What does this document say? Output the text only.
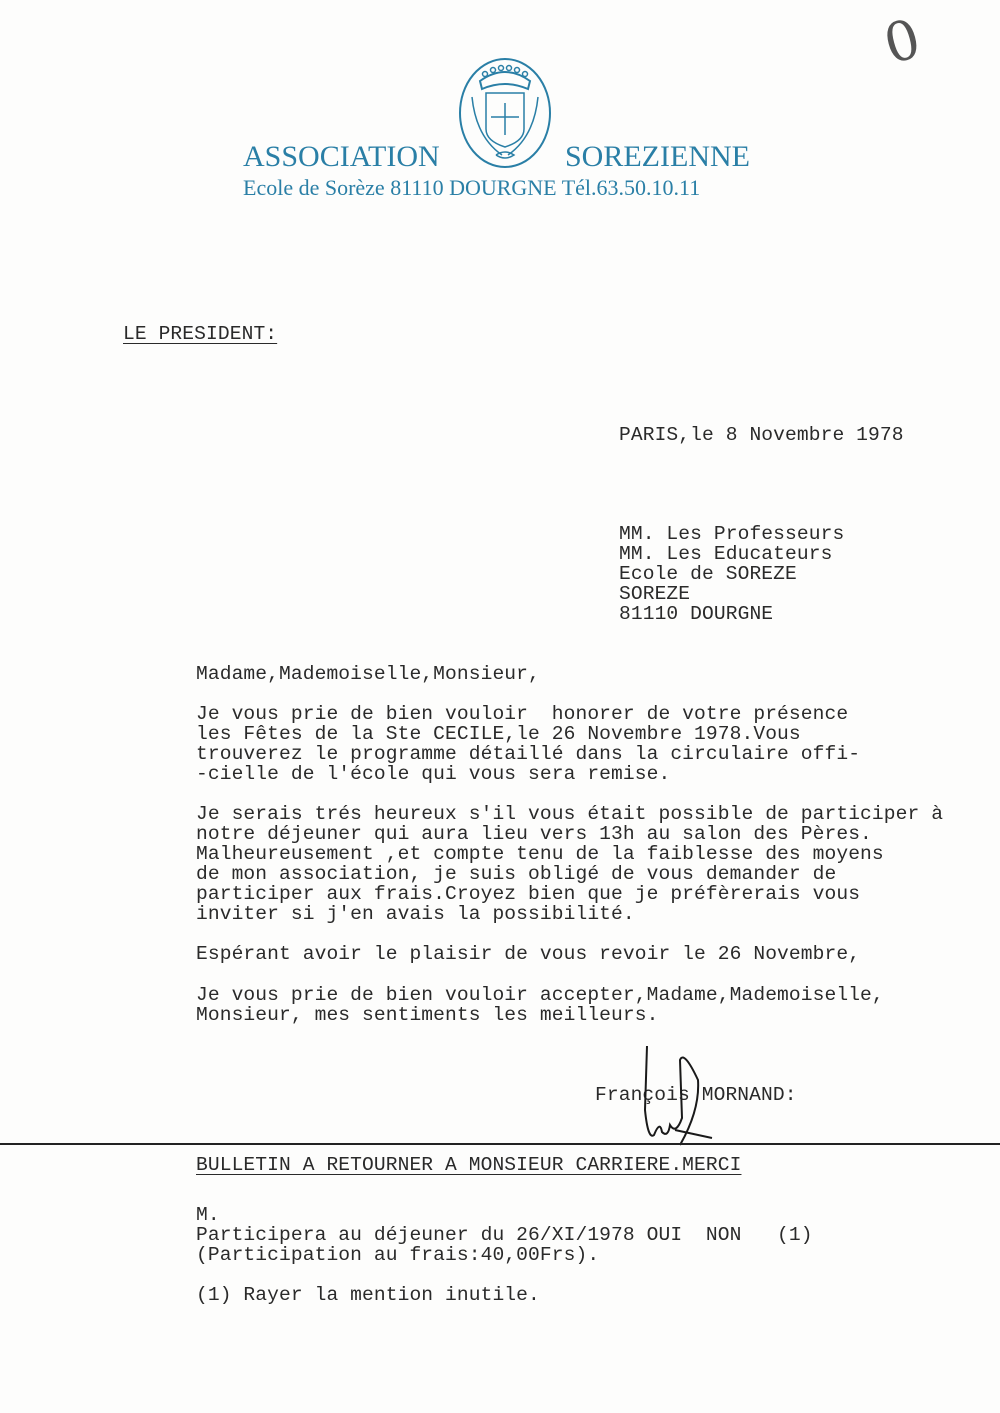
ASSOCIATION	SOREZIENNE
Ecole de Sorèze 81110 DOURGNE Tél.63.50.10.11
0
LE PRESIDENT:
PARIS,le 8 Novembre 1978
MM. Les Professeurs
MM. Les Educateurs
Ecole de SOREZE
SOREZE
81110 DOURGNE
Madame,Mademoiselle,Monsieur,
Je vous prie de bien vouloir  honorer de votre présence
les Fêtes de la Ste CECILE,le 26 Novembre 1978.Vous
trouverez le programme détaillé dans la circulaire offi-
-cielle de l'école qui vous sera remise.
Je serais trés heureux s'il vous était possible de participer à
notre déjeuner qui aura lieu vers 13h au salon des Pères.
Malheureusement ,et compte tenu de la faiblesse des moyens
de mon association, je suis obligé de vous demander de
participer aux frais.Croyez bien que je préfèrerais vous
inviter si j'en avais la possibilité.
Espérant avoir le plaisir de vous revoir le 26 Novembre,
Je vous prie de bien vouloir accepter,Madame,Mademoiselle,
Monsieur, mes sentiments les meilleurs.
François MORNAND:
BULLETIN A RETOURNER A MONSIEUR CARRIERE.MERCI
M.
Participera au déjeuner du 26/XI/1978 OUI  NON   (1)
(Participation au frais:40,00Frs).
(1) Rayer la mention inutile.
